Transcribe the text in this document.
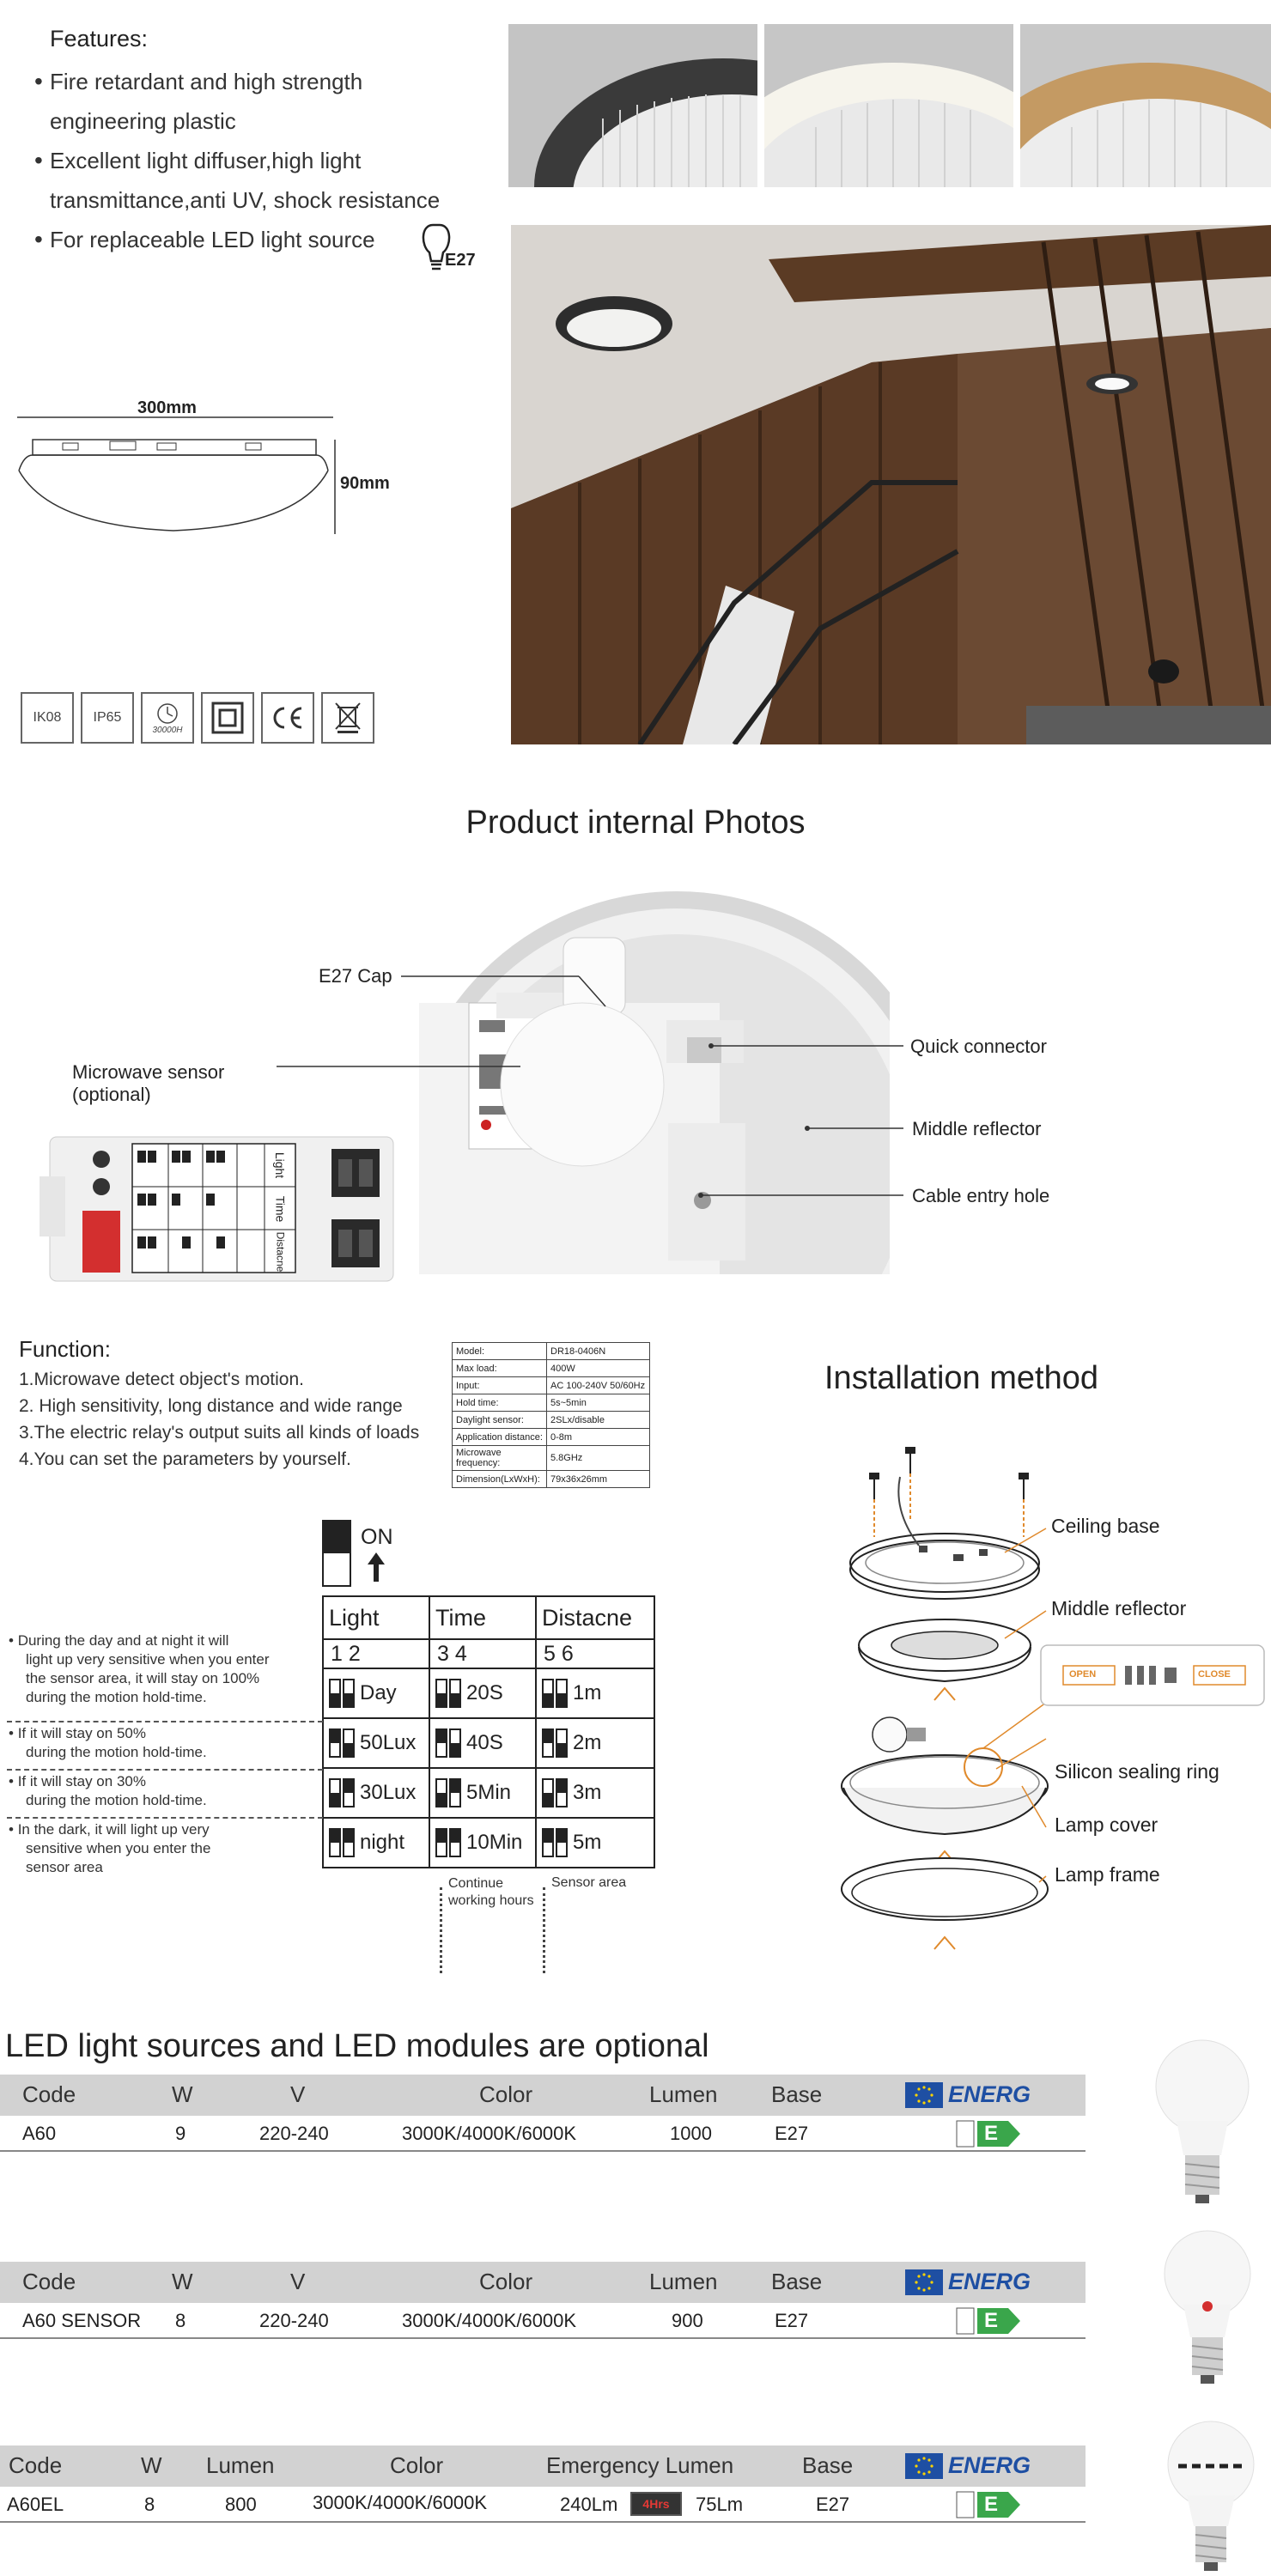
Features:
• Fire retardant and high strength
engineering plastic
• Excellent light diffuser,high light
transmittance,anti UV, shock resistance
• For replaceable LED light source
E27
300mm
90mm
IK08	IP65
30000H
Product internal Photos
E27 Cap
Microwave sensor
(optional)
Quick connector
Middle reflector
Cable entry hole
Light
Time
Distacne
Function:
1.Microwave detect object's motion.
2. High sensitivity, long distance and wide range
3.The electric relay's output suits all kinds of loads
4.You can set the parameters by yourself.
Model:	DR18-0406N
Max load:	400W
Input:	AC 100-240V 50/60Hz
Hold time:	5s~5min
Daylight sensor:	2SLx/disable
Application distance:	0-8m
Microwave frequency:	5.8GHz
Dimension(LxWxH):	79x36x26mm
Installation method
OPEN	CLOSE
Ceiling base
Middle reflector
Silicon sealing ring
Lamp cover
Lamp frame
ON
Light	Time	Distacne
1 2	3 4	5 6

Day	20S	1m

50Lux	40S	2m

30Lux	5Min	3m

night	10Min	5m
Continue
working hours
Sensor area
• During the day and at night it will
light up very sensitive when you enter
the sensor area, it will stay on 100%
during the motion hold-time.
• If it will stay on 50%
during the motion hold-time.
• If it will stay on 30%
during the motion hold-time.
• In the dark, it will light up very
sensitive when you enter the
sensor area
LED light sources and LED modules are optional
Code	W	V	Color	Lumen Base	ENERG
A60	9	220-240	3000K/4000K/6000K	1000	E27	E
Code	W	V	Color	Lumen Base	ENERG
A60 SENSOR 8	220-240	3000K/4000K/6000K	900	E27	E
Code	W Lumen	Color	Emergency Lumen	Base	ENERG
A60EL	8	800	3000K/4000K/6000K	240Lm	4Hrs	75Lm	E27	E
